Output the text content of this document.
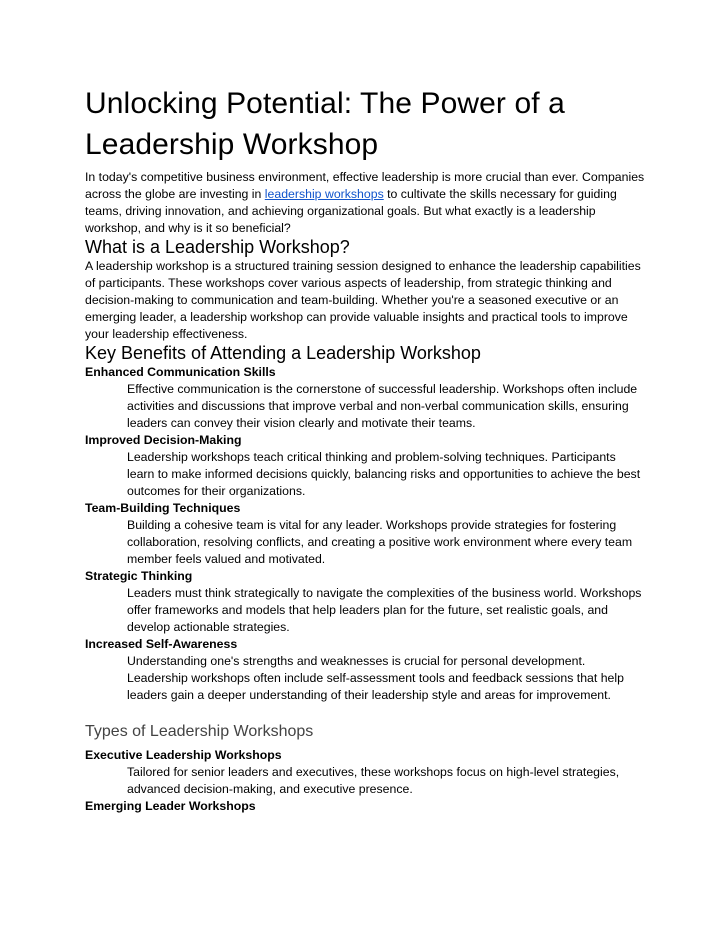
Unlocking Potential: The Power of a Leadership Workshop

In today's competitive business environment, effective leadership is more crucial than ever. Companies across the globe are investing in leadership workshops to cultivate the skills necessary for guiding teams, driving innovation, and achieving organizational goals. But what exactly is a leadership workshop, and why is it so beneficial?

What is a Leadership Workshop?

A leadership workshop is a structured training session designed to enhance the leadership capabilities of participants. These workshops cover various aspects of leadership, from strategic thinking and decision-making to communication and team-building. Whether you're a seasoned executive or an emerging leader, a leadership workshop can provide valuable insights and practical tools to improve your leadership effectiveness.

Key Benefits of Attending a Leadership Workshop

Enhanced Communication Skills

Effective communication is the cornerstone of successful leadership. Workshops often include activities and discussions that improve verbal and non-verbal communication skills, ensuring leaders can convey their vision clearly and motivate their teams.

Improved Decision-Making

Leadership workshops teach critical thinking and problem-solving techniques. Participants learn to make informed decisions quickly, balancing risks and opportunities to achieve the best outcomes for their organizations.

Team-Building Techniques

Building a cohesive team is vital for any leader. Workshops provide strategies for fostering collaboration, resolving conflicts, and creating a positive work environment where every team member feels valued and motivated.

Strategic Thinking

Leaders must think strategically to navigate the complexities of the business world. Workshops offer frameworks and models that help leaders plan for the future, set realistic goals, and develop actionable strategies.

Increased Self-Awareness

Understanding one's strengths and weaknesses is crucial for personal development. Leadership workshops often include self-assessment tools and feedback sessions that help leaders gain a deeper understanding of their leadership style and areas for improvement.

Types of Leadership Workshops

Executive Leadership Workshops

Tailored for senior leaders and executives, these workshops focus on high-level strategies, advanced decision-making, and executive presence.

Emerging Leader Workshops
